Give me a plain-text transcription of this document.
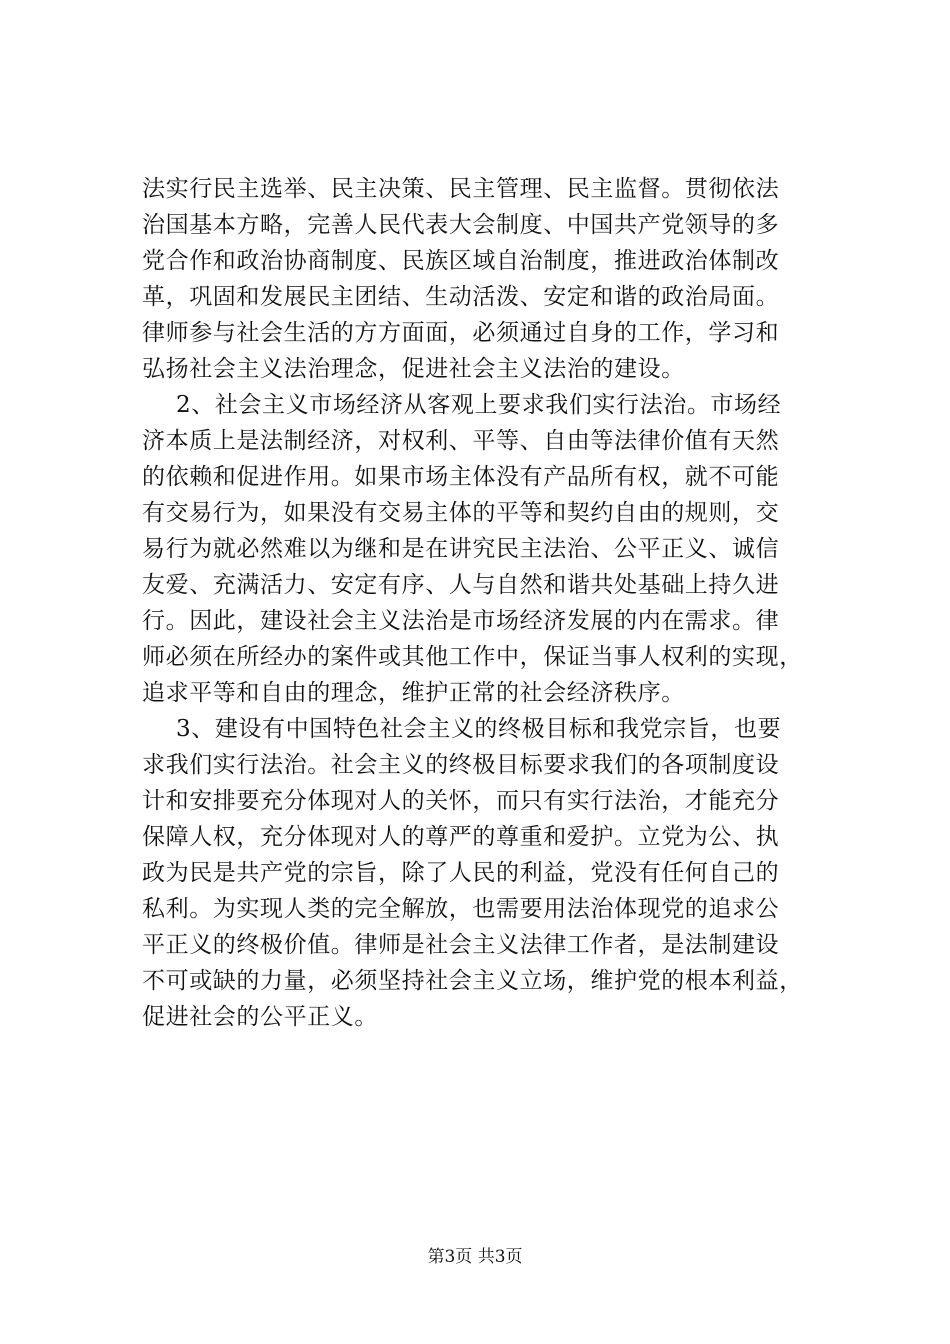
法实行民主选举、民主决策、民主管理、民主监督。贯彻依法
治国基本方略，完善人民代表大会制度、中国共产党领导的多
党合作和政治协商制度、民族区域自治制度，推进政治体制改
革，巩固和发展民主团结、生动活泼、安定和谐的政治局面。
律师参与社会生活的方方面面，必须通过自身的工作，学习和
弘扬社会主义法治理念，促进社会主义法治的建设。
2、社会主义市场经济从客观上要求我们实行法治。市场经
济本质上是法制经济，对权利、平等、自由等法律价值有天然
的依赖和促进作用。如果市场主体没有产品所有权，就不可能
有交易行为，如果没有交易主体的平等和契约自由的规则，交
易行为就必然难以为继和是在讲究民主法治、公平正义、诚信
友爱、充满活力、安定有序、人与自然和谐共处基础上持久进
行。因此，建设社会主义法治是市场经济发展的内在需求。律
师必须在所经办的案件或其他工作中，保证当事人权利的实现，
追求平等和自由的理念，维护正常的社会经济秩序。
3、建设有中国特色社会主义的终极目标和我党宗旨，也要
求我们实行法治。社会主义的终极目标要求我们的各项制度设
计和安排要充分体现对人的关怀，而只有实行法治，才能充分
保障人权，充分体现对人的尊严的尊重和爱护。立党为公、执
政为民是共产党的宗旨，除了人民的利益，党没有任何自己的
私利。为实现人类的完全解放，也需要用法治体现党的追求公
平正义的终极价值。律师是社会主义法律工作者，是法制建设
不可或缺的力量，必须坚持社会主义立场，维护党的根本利益，
促进社会的公平正义。
第3页 共3页
